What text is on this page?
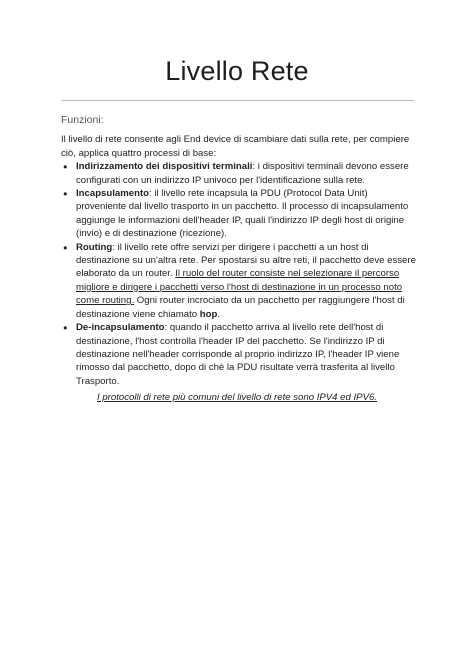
Livello Rete
Funzioni:

Il livello di rete consente agli End device di scambiare dati sulla rete, per compiere ciò, applica quattro processi di base:

● Indirizzamento dei dispositivi terminali: i dispositivi terminali devono essere configurati con un indirizzo IP univoco per l'identificazione sulla rete.
● Incapsulamento: il livello rete incapsula la PDU (Protocol Data Unit) proveniente dal livello trasporto in un pacchetto. Il processo di incapsulamento aggiunge le informazioni dell'header IP, quali l'indirizzo IP degli host di origine (invio) e di destinazione (ricezione).
● Routing: il livello rete offre servizi per dirigere i pacchetti a un host di destinazione su un'altra rete. Per spostarsi su altre reti, il pacchetto deve essere elaborato da un router. Il ruolo del router consiste nel selezionare il percorso migliore e dirigere i pacchetti verso l'host di destinazione in un processo noto come routing. Ogni router incrociato da un pacchetto per raggiungere l'host di destinazione viene chiamato hop.
● De-incapsulamento: quando il pacchetto arriva al livello rete dell'host di destinazione, l'host controlla l'header IP del pacchetto. Se l'indirizzo IP di destinazione nell'header corrisponde al proprio indirizzo IP, l'header IP viene rimosso dal pacchetto, dopo di chè la PDU risultate verrà trasferita al livello Trasporto.
I protocolli di rete più comuni del livello di rete sono IPV4 ed IPV6.
